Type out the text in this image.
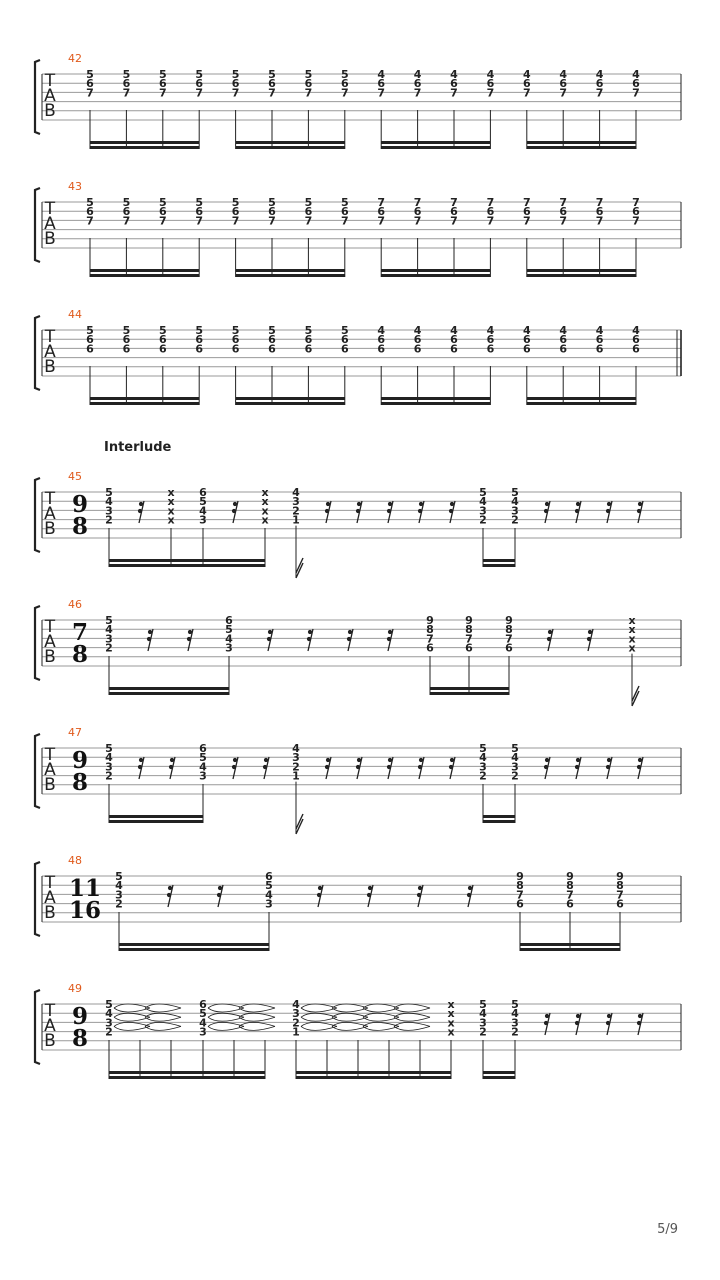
42
T
A
B
5
6
7
5
6
7
5
6
7
5
6
7
5
6
7
5
6
7
5
6
7
5
6
7
4
6
7
4
6
7
4
6
7
4
6
7
4
6
7
4
6
7
4
6
7
4
6
7
43
T
A
B
5
6
7
5
6
7
5
6
7
5
6
7
5
6
7
5
6
7
5
6
7
5
6
7
7
6
7
7
6
7
7
6
7
7
6
7
7
6
7
7
6
7
7
6
7
7
6
7
44
T
A
B
5
6
6
5
6
6
5
6
6
5
6
6
5
6
6
5
6
6
5
6
6
5
6
6
4
6
6
4
6
6
4
6
6
4
6
6
4
6
6
4
6
6
4
6
6
4
6
6
Interlude
45
T
A
B
9
8
5
4
3
2
x
x
x
x
6
5
4
3
x
x
x
x
4
3
2
1
5
4
3
2
5
4
3
2
46
T
A
B
7
8
5
4
3
2
6
5
4
3
9
8
7
6
9
8
7
6
9
8
7
6
x
x
x
x
47
T
A
B
9
8
5
4
3
2
6
5
4
3
4
3
2
1
5
4
3
2
5
4
3
2
48
T
A
B
11
16
5
4
3
2
6
5
4
3
9
8
7
6
9
8
7
6
9
8
7
6
49
T
A
B
9
8
5
4
3
2
6
5
4
3
4
3
2
1
x
x
x
x
5
4
3
2
5
4
3
2
5/9
